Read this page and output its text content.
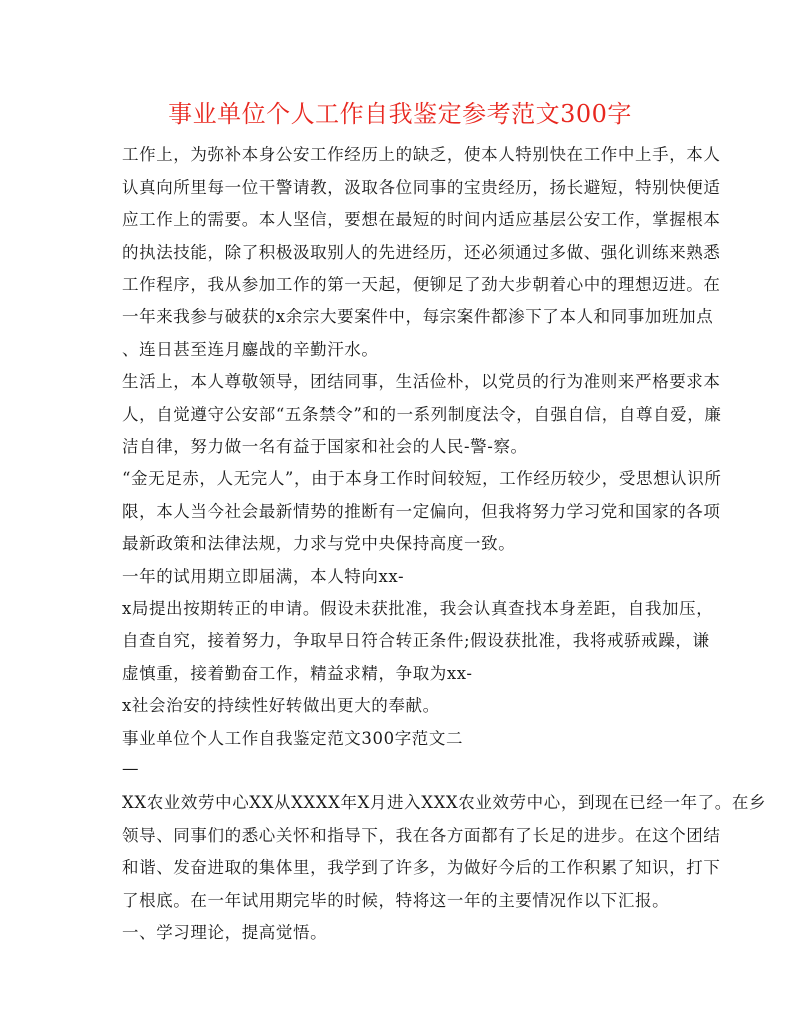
事业单位个人工作自我鉴定参考范文300字
工作上，为弥补本身公安工作经历上的缺乏，使本人特别快在工作中上手，本人
认真向所里每一位干警请教，汲取各位同事的宝贵经历，扬长避短，特别快便适
应工作上的需要。本人坚信，要想在最短的时间内适应基层公安工作，掌握根本
的执法技能，除了积极汲取别人的先进经历，还必须通过多做、强化训练来熟悉
工作程序，我从参加工作的第一天起，便铆足了劲大步朝着心中的理想迈进。在
一年来我参与破获的x余宗大要案件中，每宗案件都渗下了本人和同事加班加点
、连日甚至连月鏖战的辛勤汗水。
生活上，本人尊敬领导，团结同事，生活俭朴，以党员的行为准则来严格要求本
人，自觉遵守公安部“五条禁令”和的一系列制度法令，自强自信，自尊自爱，廉
洁自律，努力做一名有益于国家和社会的人民-警-察。
“金无足赤，人无完人”，由于本身工作时间较短，工作经历较少，受思想认识所
限，本人当今社会最新情势的推断有一定偏向，但我将努力学习党和国家的各项
最新政策和法律法规，力求与党中央保持高度一致。
一年的试用期立即届满，本人特向xx-
x局提出按期转正的申请。假设未获批准，我会认真查找本身差距，自我加压，
自查自究，接着努力，争取早日符合转正条件;假设获批准，我将戒骄戒躁，谦
虚慎重，接着勤奋工作，精益求精，争取为xx-
x社会治安的持续性好转做出更大的奉献。
事业单位个人工作自我鉴定范文300字范文二
—
XX农业效劳中心XX从XXXX年X月进入XXX农业效劳中心，到现在已经一年了。在乡
领导、同事们的悉心关怀和指导下，我在各方面都有了长足的进步。在这个团结
和谐、发奋进取的集体里，我学到了许多，为做好今后的工作积累了知识，打下
了根底。在一年试用期完毕的时候，特将这一年的主要情况作以下汇报。
一、学习理论，提高觉悟。
